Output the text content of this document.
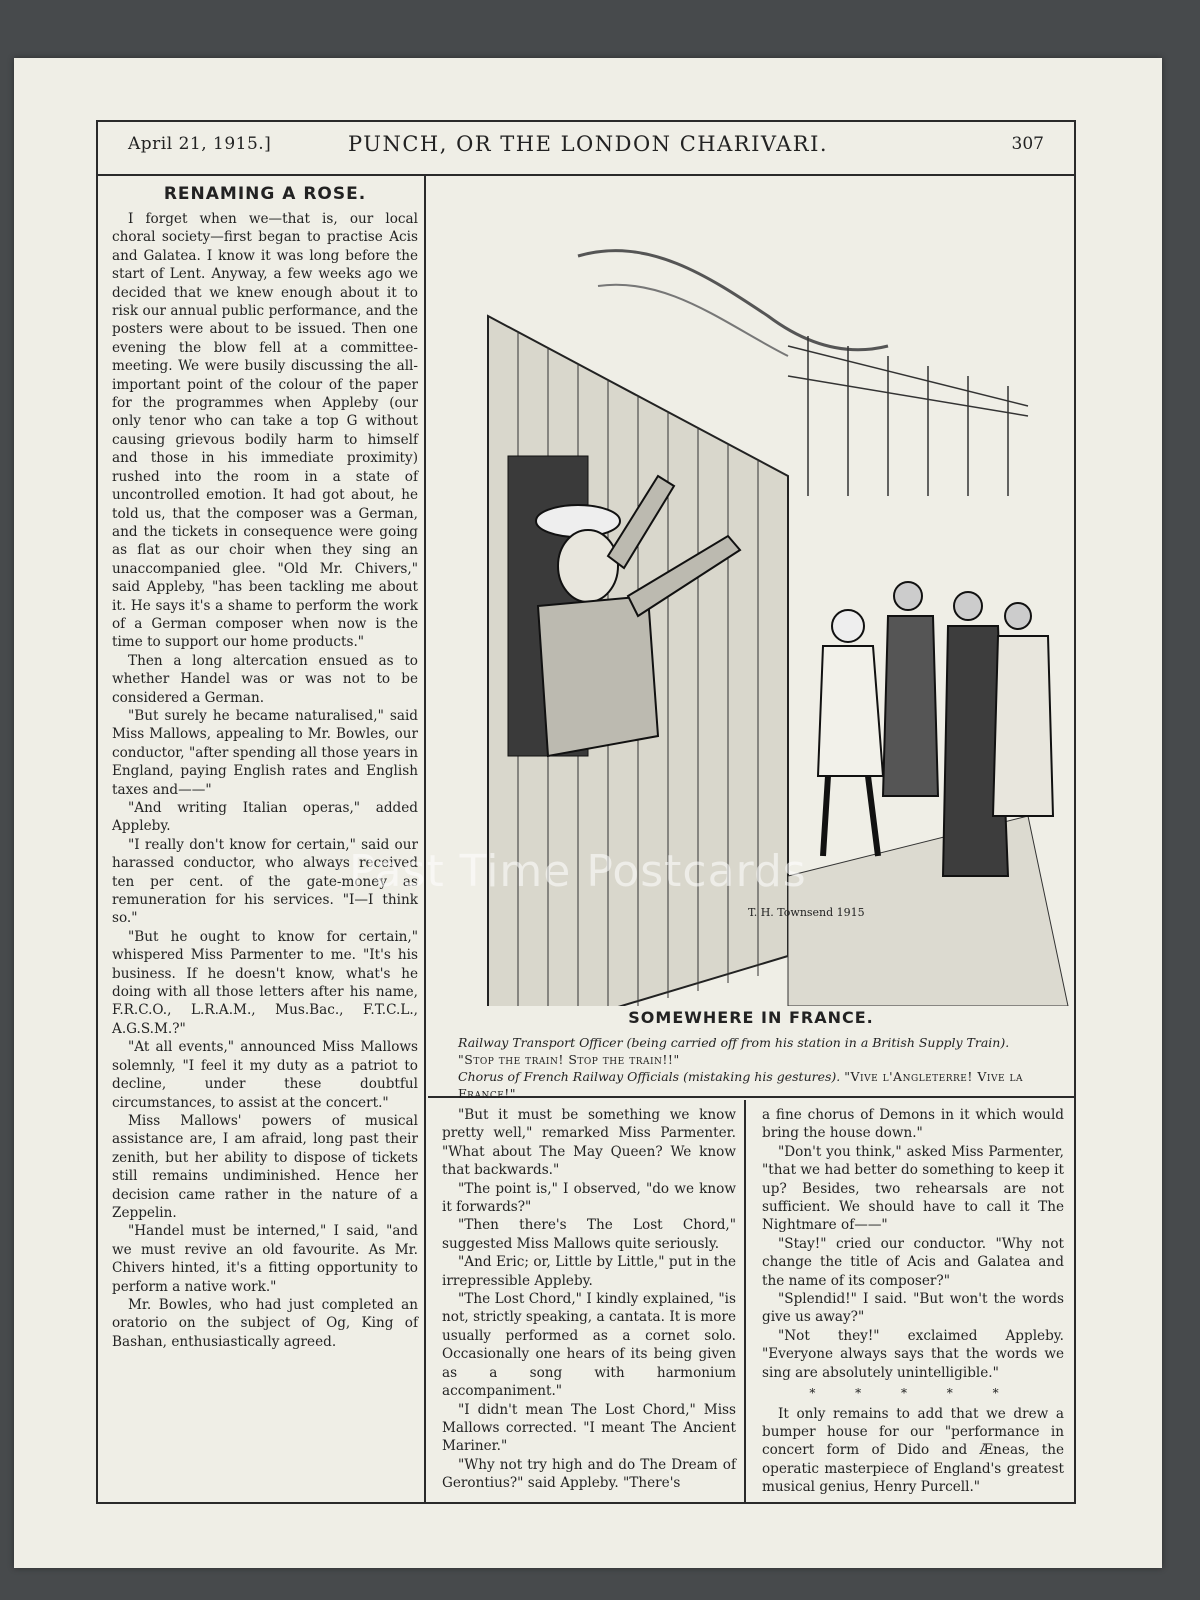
April 21, 1915.]	PUNCH, OR THE LONDON CHARIVARI.	307
RENAMING A ROSE.

I forget when we—that is, our local choral society—first began to practise Acis and Galatea. I know it was long before the start of Lent. Anyway, a few weeks ago we decided that we knew enough about it to risk our annual public performance, and the posters were about to be issued. Then one evening the blow fell at a committee-meeting. We were busily discussing the all-important point of the colour of the paper for the programmes when Appleby (our only tenor who can take a top G without causing grievous bodily harm to himself and those in his immediate proximity) rushed into the room in a state of uncontrolled emotion. It had got about, he told us, that the composer was a German, and the tickets in consequence were going as flat as our choir when they sing an unaccompanied glee. "Old Mr. Chivers," said Appleby, "has been tackling me about it. He says it's a shame to perform the work of a German composer when now is the time to support our home products."

Then a long altercation ensued as to whether Handel was or was not to be considered a German.

"But surely he became naturalised," said Miss Mallows, appealing to Mr. Bowles, our conductor, "after spending all those years in England, paying English rates and English taxes and——"

"And writing Italian operas," added Appleby.

"I really don't know for certain," said our harassed conductor, who always received ten per cent. of the gate-money as remuneration for his services. "I—I think so."

"But he ought to know for certain," whispered Miss Parmenter to me. "It's his business. If he doesn't know, what's he doing with all those letters after his name, F.R.C.O., L.R.A.M., Mus.Bac., F.T.C.L., A.G.S.M.?"

"At all events," announced Miss Mallows solemnly, "I feel it my duty as a patriot to decline, under these doubtful circumstances, to assist at the concert."

Miss Mallows' powers of musical assistance are, I am afraid, long past their zenith, but her ability to dispose of tickets still remains undiminished. Hence her decision came rather in the nature of a Zeppelin.

"Handel must be interned," I said, "and we must revive an old favourite. As Mr. Chivers hinted, it's a fitting opportunity to perform a native work."

Mr. Bowles, who had just completed an oratorio on the subject of Og, King of Bashan, enthusiastically agreed.

T. H. Townsend 1915
SOMEWHERE IN FRANCE.

Railway Transport Officer (being carried off from his station in a British Supply Train).

"Stop the train! Stop the train!!"

Chorus of French Railway Officials (mistaking his gestures). "Vive l'Angleterre! Vive la France!"

"But it must be something we know pretty well," remarked Miss Parmenter. "What about The May Queen? We know that backwards."

"The point is," I observed, "do we know it forwards?"

"Then there's The Lost Chord," suggested Miss Mallows quite seriously.

"And Eric; or, Little by Little," put in the irrepressible Appleby.

"The Lost Chord," I kindly explained, "is not, strictly speaking, a cantata. It is more usually performed as a cornet solo. Occasionally one hears of its being given as a song with harmonium accompaniment."

"I didn't mean The Lost Chord," Miss Mallows corrected. "I meant The Ancient Mariner."

"Why not try high and do The Dream of Gerontius?" said Appleby. "There's

a fine chorus of Demons in it which would bring the house down."

"Don't you think," asked Miss Parmenter, "that we had better do something to keep it up? Besides, two rehearsals are not sufficient. We should have to call it The Nightmare of——"

"Stay!" cried our conductor. "Why not change the title of Acis and Galatea and the name of its composer?"

"Splendid!" I said. "But won't the words give us away?"

"Not they!" exclaimed Appleby. "Everyone always says that the words we sing are absolutely unintelligible."

* * * * *

It only remains to add that we drew a bumper house for our "performance in concert form of Dido and Æneas, the operatic masterpiece of England's greatest musical genius, Henry Purcell."

Past Time Postcards
